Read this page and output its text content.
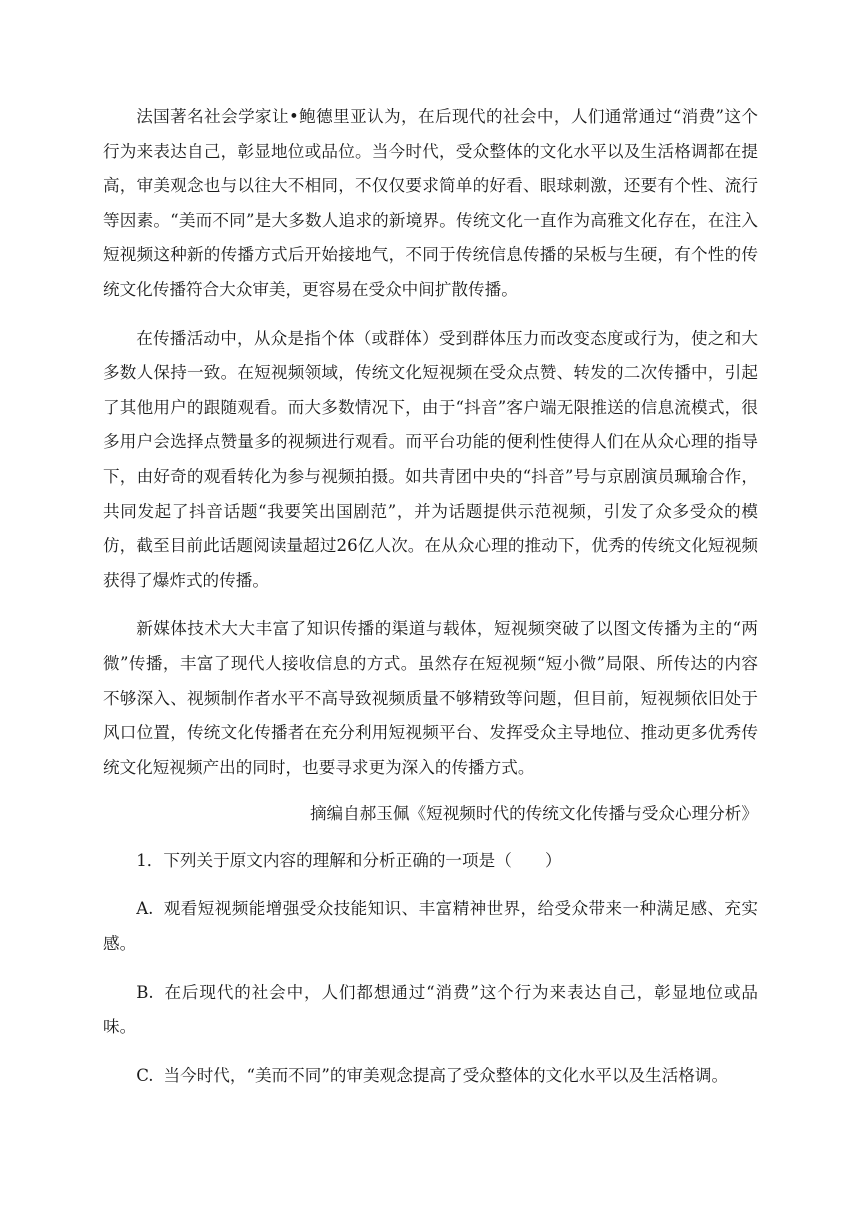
法国著名社会学家让•鲍德里亚认为，在后现代的社会中，人们通常通过“消费”这个行为来表达自己，彰显地位或品位。当今时代，受众整体的文化水平以及生活格调都在提高，审美观念也与以往大不相同，不仅仅要求简单的好看、眼球刺激，还要有个性、流行等因素。“美而不同”是大多数人追求的新境界。传统文化一直作为高雅文化存在，在注入短视频这种新的传播方式后开始接地气，不同于传统信息传播的呆板与生硬，有个性的传统文化传播符合大众审美，更容易在受众中间扩散传播。

在传播活动中，从众是指个体（或群体）受到群体压力而改变态度或行为，使之和大多数人保持一致。在短视频领域，传统文化短视频在受众点赞、转发的二次传播中，引起了其他用户的跟随观看。而大多数情况下，由于“抖音”客户端无限推送的信息流模式，很多用户会选择点赞量多的视频进行观看。而平台功能的便利性使得人们在从众心理的指导下，由好奇的观看转化为参与视频拍摄。如共青团中央的“抖音”号与京剧演员珮瑜合作，共同发起了抖音话题“我要笑出国剧范”，并为话题提供示范视频，引发了众多受众的模仿，截至目前此话题阅读量超过26亿人次。在从众心理的推动下，优秀的传统文化短视频获得了爆炸式的传播。

新媒体技术大大丰富了知识传播的渠道与载体，短视频突破了以图文传播为主的“两微”传播，丰富了现代人接收信息的方式。虽然存在短视频“短小微”局限、所传达的内容不够深入、视频制作者水平不高导致视频质量不够精致等问题，但目前，短视频依旧处于风口位置，传统文化传播者在充分利用短视频平台、发挥受众主导地位、推动更多优秀传统文化短视频产出的同时，也要寻求更为深入的传播方式。

摘编自郝玉佩《短视频时代的传统文化传播与受众心理分析》

1．下列关于原文内容的理解和分析正确的一项是（　　）

A. 观看短视频能增强受众技能知识、丰富精神世界，给受众带来一种满足感、充实感。

B. 在后现代的社会中，人们都想通过“消费”这个行为来表达自己，彰显地位或品味。

C. 当今时代，“美而不同”的审美观念提高了受众整体的文化水平以及生活格调。
